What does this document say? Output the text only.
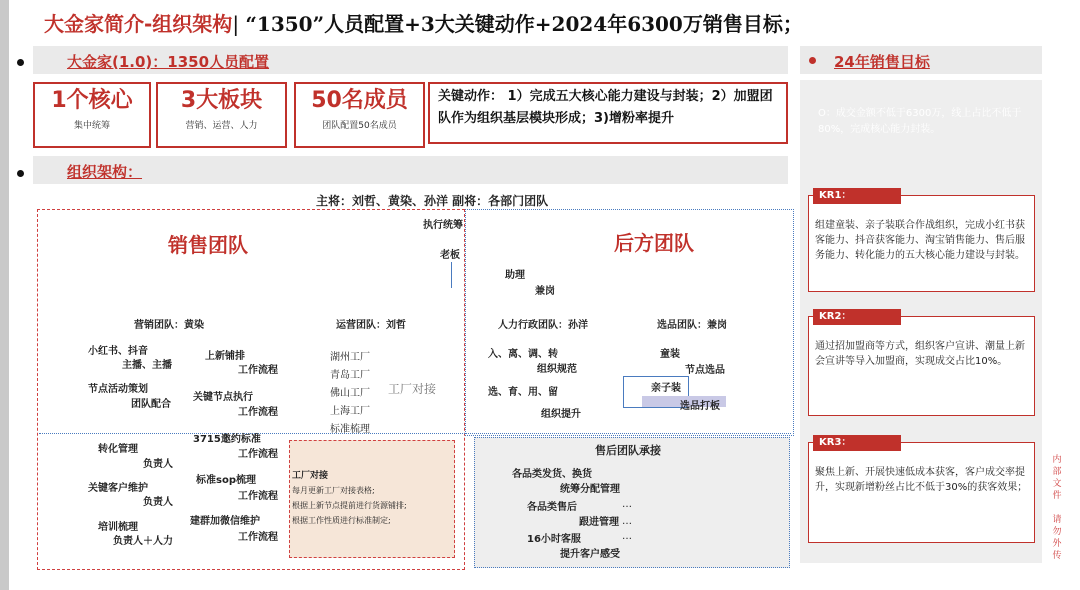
大金家简介-组织架构| “1350”人员配置+3大关键动作+2024年6300万销售目标；
大金家(1.0)：1350人员配置
1个核心
集中统筹
3大板块
营销、运营、人力
50名成员
团队配置50名成员
关键动作： 1）完成五大核心能力建设与封装；2）加盟团队作为组织基层模块形成；3)增粉率提升
组织架构：
主将：刘哲、黄染、孙洋 副将：各部门团队
销售团队
执行统筹
老板
营销团队：黄染	运营团队：刘哲
小红书、抖音
主播、主播
节点活动策划
团队配合
上新铺排
工作流程
关键节点执行
工作流程
湖州工厂
青岛工厂
佛山工厂
上海工厂
标准梳理
工厂对接
转化管理
负责人
关键客户维护
负责人
培训梳理
负责人＋人力
3715邀约标准
工作流程
标准sop梳理
工作流程
建群加微信维护
工作流程
工厂对接
每月更新工厂对接表格;
根据上新节点提前进行货源铺排;
根据工作性质进行标准制定;
后方团队
助理
兼岗
人力行政团队：孙洋	选品团队：兼岗
入、离、调、转
组织规范
选、育、用、留
组织提升
童装
节点选品
亲子装
选品打板
售后团队承接
各品类发货、换货
统筹分配管理
各品类售后
跟进管理
16小时客服
提升客户感受
…
…
…
24年销售目标
O：成交金额不低于6300万，线上占比不低于80%，完成核心能力封装。
KR1：
组建童装、亲子装联合作战组织，完成小红书获客能力、抖音获客能力、淘宝销售能力、售后服务能力、转化能力的五大核心能力建设与封装。
KR2：
通过招加盟商等方式，组织客户宣讲、潮量上新会宣讲等导入加盟商，实现成交占比10%。
KR3：
聚焦上新、开展快速低成本获客，客户成交率提升，实现新增粉丝占比不低于30%的获客效果；
内部文件
请勿外传
